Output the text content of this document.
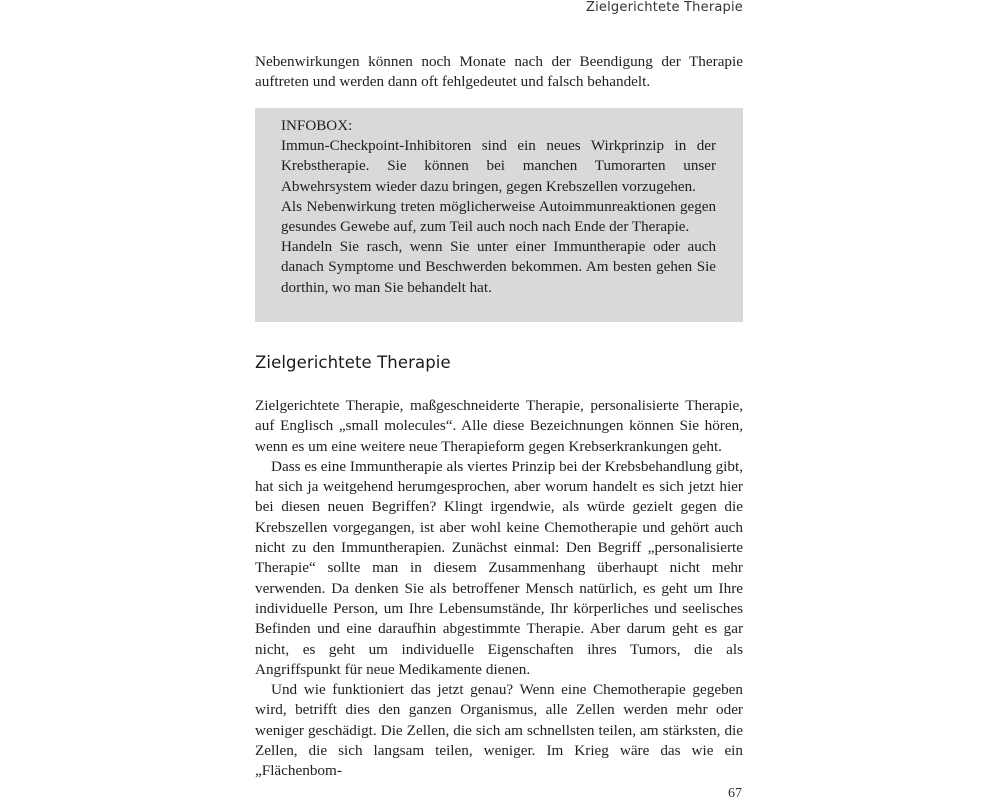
Zielgerichtete Therapie

Nebenwirkungen können noch Monate nach der Beendigung der Therapie auftreten und werden dann oft fehlgedeutet und falsch behandelt.

INFOBOX:

Immun-Checkpoint-Inhibitoren sind ein neues Wirkprinzip in der Krebstherapie. Sie können bei manchen Tumorarten unser Abwehrsystem wieder dazu bringen, gegen Krebszellen vorzugehen.

Als Nebenwirkung treten möglicherweise Autoimmunreaktionen gegen gesundes Gewebe auf, zum Teil auch noch nach Ende der Therapie.

Handeln Sie rasch, wenn Sie unter einer Immuntherapie oder auch danach Symptome und Beschwerden bekommen. Am besten gehen Sie dorthin, wo man Sie behandelt hat.

Zielgerichtete Therapie

Zielgerichtete Therapie, maßgeschneiderte Therapie, personalisierte Therapie, auf Englisch „small molecules“. Alle diese Bezeichnungen können Sie hören, wenn es um eine weitere neue Therapieform gegen Krebserkrankungen geht.

Dass es eine Immuntherapie als viertes Prinzip bei der Krebsbehandlung gibt, hat sich ja weitgehend herumgesprochen, aber worum handelt es sich jetzt hier bei diesen neuen Begriffen? Klingt irgendwie, als würde gezielt gegen die Krebszellen vorgegangen, ist aber wohl keine Chemotherapie und gehört auch nicht zu den Immuntherapien. Zunächst einmal: Den Begriff „personalisierte Therapie“ sollte man in diesem Zusammenhang überhaupt nicht mehr verwenden. Da denken Sie als betroffener Mensch natürlich, es geht um Ihre individuelle Person, um Ihre Lebensumstände, Ihr körperliches und seelisches Befinden und eine daraufhin abgestimmte Therapie. Aber darum geht es gar nicht, es geht um individuelle Eigenschaften ihres Tumors, die als Angriffspunkt für neue Medikamente dienen.

Und wie funktioniert das jetzt genau? Wenn eine Chemotherapie gegeben wird, betrifft dies den ganzen Organismus, alle Zellen werden mehr oder weniger geschädigt. Die Zellen, die sich am schnellsten teilen, am stärksten, die Zellen, die sich langsam teilen, weniger. Im Krieg wäre das wie ein „Flächenbom-

67
